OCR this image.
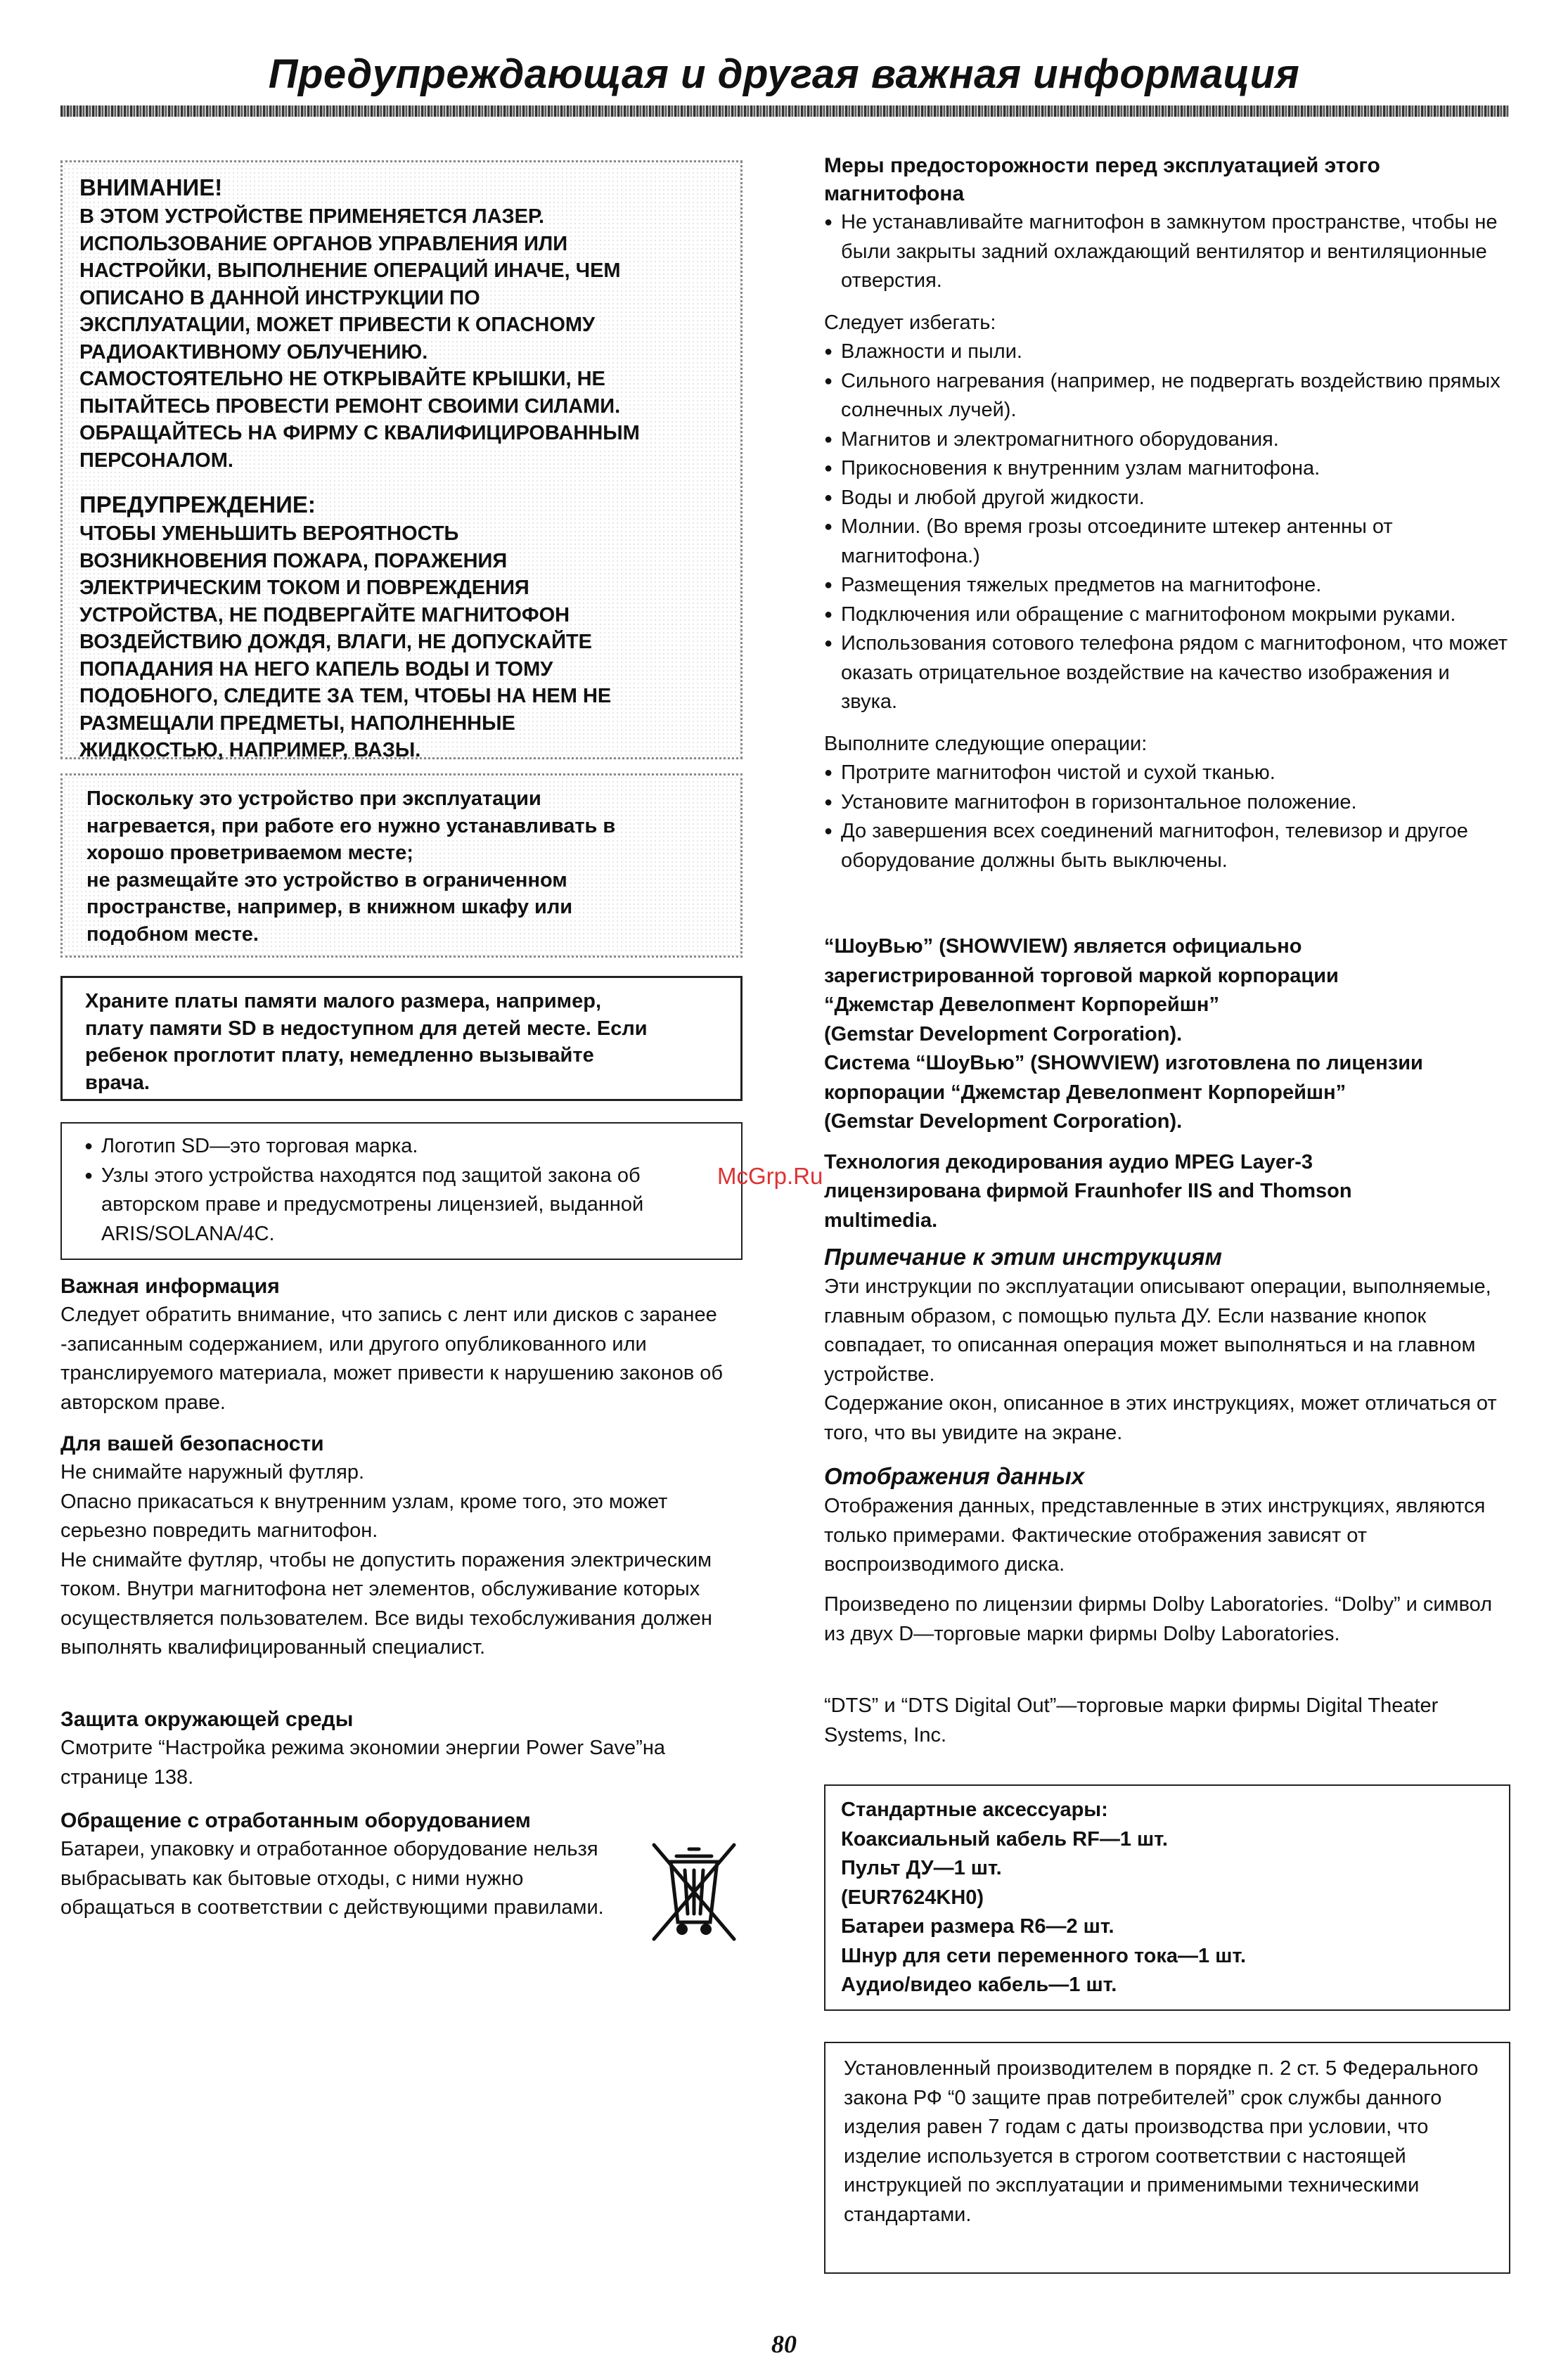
Предупреждающая и другая важная информация

ВНИМАНИЕ!

В ЭТОМ УСТРОЙСТВЕ ПРИМЕНЯЕТСЯ ЛАЗЕР.

ИСПОЛЬЗОВАНИЕ ОРГАНОВ УПРАВЛЕНИЯ ИЛИ

НАСТРОЙКИ, ВЫПОЛНЕНИЕ ОПЕРАЦИЙ ИНАЧЕ, ЧЕМ

ОПИСАНО В ДАННОЙ ИНСТРУКЦИИ ПО

ЭКСПЛУАТАЦИИ, МОЖЕТ ПРИВЕСТИ К ОПАСНОМУ

РАДИОАКТИВНОМУ ОБЛУЧЕНИЮ.

САМОСТОЯТЕЛЬНО НЕ ОТКРЫВАЙТЕ КРЫШКИ, НЕ

ПЫТАЙТЕСЬ ПРОВЕСТИ РЕМОНТ СВОИМИ СИЛАМИ.

ОБРАЩАЙТЕСЬ НА ФИРМУ С КВАЛИФИЦИРОВАННЫМ

ПЕРСОНАЛОМ.

ПРЕДУПРЕЖДЕНИЕ:

ЧТОБЫ УМЕНЬШИТЬ ВЕРОЯТНОСТЬ

ВОЗНИКНОВЕНИЯ ПОЖАРА, ПОРАЖЕНИЯ

ЭЛЕКТРИЧЕСКИМ ТОКОМ И ПОВРЕЖДЕНИЯ

УСТРОЙСТВА, НЕ ПОДВЕРГАЙТЕ МАГНИТОФОН

ВОЗДЕЙСТВИЮ ДОЖДЯ, ВЛАГИ, НЕ ДОПУСКАЙТЕ

ПОПАДАНИЯ НА НЕГО КАПЕЛЬ ВОДЫ И ТОМУ

ПОДОБНОГО, СЛЕДИТЕ ЗА ТЕМ, ЧТОБЫ НА НЕМ НЕ

РАЗМЕЩАЛИ ПРЕДМЕТЫ, НАПОЛНЕННЫЕ

ЖИДКОСТЬЮ, НАПРИМЕР, ВАЗЫ.

Поскольку это устройство при эксплуатации

нагревается, при работе его нужно устанавливать в

хорошо проветриваемом месте;

не размещайте это устройство в ограниченном

пространстве, например, в книжном шкафу или

подобном месте.

Храните платы памяти малого размера, например,

плату памяти SD в недоступном для детей месте. Если

ребенок проглотит плату, немедленно вызывайте

врача.

● Логотип SD—это торговая марка.
● Узлы этого устройства находятся под защитой закона об авторском праве и предусмотрены лицензией, выданной ARIS/SOLANA/4C.

Важная информация

Следует обратить внимание, что запись с лент или дисков с заранее -записанным содержанием, или другого опубликованного или транслируемого материала, может привести к нарушению законов об авторском праве.

Для вашей безопасности

Не снимайте наружный футляр.

Опасно прикасаться к внутренним узлам, кроме того, это может серьезно повредить магнитофон.

Не снимайте футляр, чтобы не допустить поражения электрическим током. Внутри магнитофона нет элементов, обслуживание которых осуществляется пользователем. Все виды техобслуживания должен выполнять квалифицированный специалист.

Защита окружающей среды

Смотрите “Настройка режима экономии энергии Power Save”на странице 138.

Обращение с отработанным оборудованием

Батареи, упаковку и отработанное оборудование нельзя выбрасывать как бытовые отходы, с ними нужно обращаться в соответствии с действующими правилами.

Меры предосторожности перед эксплуатацией этого магнитофона

● Не устанавливайте магнитофон в замкнутом пространстве, чтобы не были закрыты задний охлаждающий вентилятор и вентиляционные отверстия.

Следует избегать:

● Влажности и пыли.
● Сильного нагревания (например, не подвергать воздействию прямых солнечных лучей).
● Магнитов и электромагнитного оборудования.
● Прикосновения к внутренним узлам магнитофона.
● Воды и любой другой жидкости.
● Молнии. (Во время грозы отсоедините штекер антенны от магнитофона.)
● Размещения тяжелых предметов на магнитофоне.
● Подключения или обращение с магнитофоном мокрыми руками.
● Использования сотового телефона рядом с магнитофоном, что может оказать отрицательное воздействие на качество изображения и звука.

Выполните следующие операции:

● Протрите магнитофон чистой и сухой тканью.
● Установите магнитофон в горизонтальное положение.
● До завершения всех соединений магнитофон, телевизор и другое оборудование должны быть выключены.

“ШоуВью” (SHOWVIEW) является официально

зарегистрированной торговой маркой корпорации

“Джемстар Девелопмент Корпорейшн”

(Gemstar Development Corporation).

Система “ШоуВью” (SHOWVIEW) изготовлена по лицензии

корпорации “Джемстар Девелопмент Корпорейшн”

(Gemstar Development Corporation).

Технология декодирования аудио MPEG Layer-3

лицензирована фирмой Fraunhofer IIS and Thomson

multimedia.

Примечание к этим инструкциям

Эти инструкции по эксплуатации описывают операции, выполняемые, главным образом, с помощью пульта ДУ. Если название кнопок совпадает, то описанная операция может выполняться и на главном устройстве.

Содержание окон, описанное в этих инструкциях, может отличаться от того, что вы увидите на экране.

Отображения данных

Отображения данных, представленные в этих инструкциях, являются только примерами. Фактические отображения зависят от воспроизводимого диска.

Произведено по лицензии фирмы Dolby Laboratories. “Dolby” и символ из двух D—торговые марки фирмы Dolby Laboratories.

“DTS” и “DTS Digital Out”—торговые марки фирмы Digital Theater Systems, Inc.

Стандартные аксессуары:

Коаксиальный кабель RF—1 шт.

Пульт ДУ—1 шт.

(EUR7624KH0)

Батареи размера R6—2 шт.

Шнур для сети переменного тока—1 шт.

Аудио/видео кабель—1 шт.

Установленный производителем в порядке п. 2 ст. 5 Федерального закона РФ “0 защите прав потребителей” срок службы данного изделия равен 7 годам с даты производства при условии, что изделие используется в строгом соответствии с настоящей инструкцией по эксплуатации и применимыми техническими стандартами.

McGrp.Ru
80
